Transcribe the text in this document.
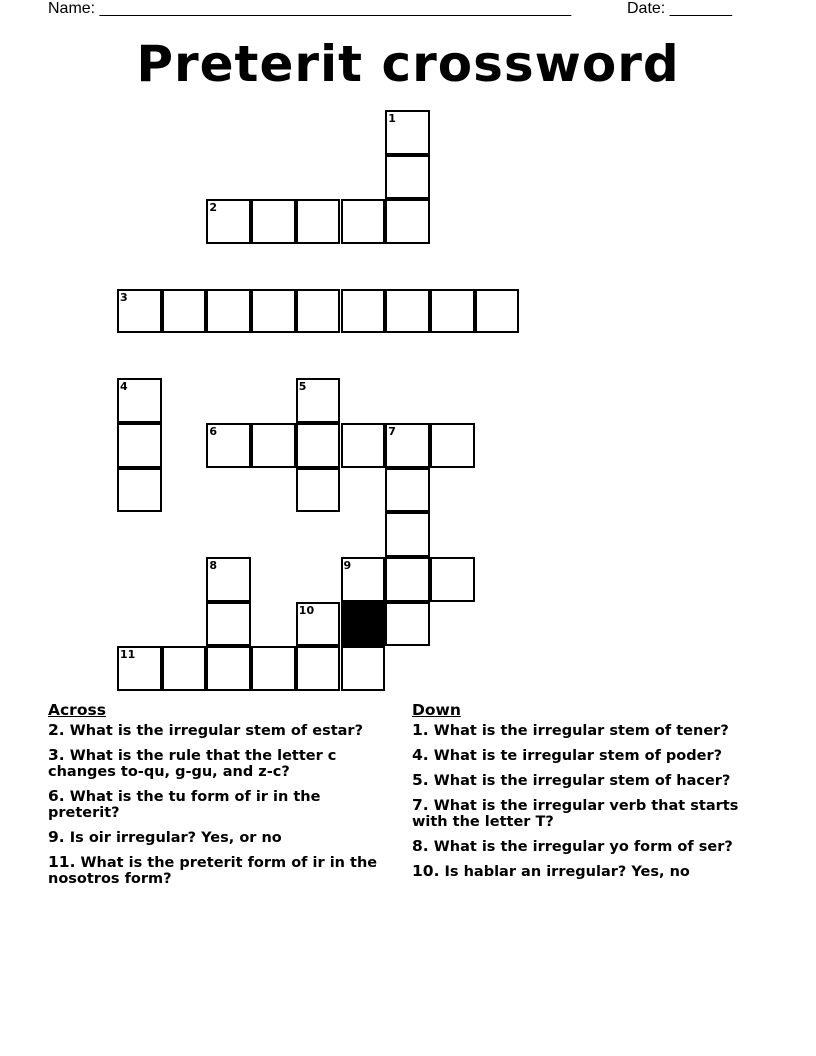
Name: _____________________________________________________	Date: _______
Preterit crossword
1
2
3
4	5
6	7
8	9
10
11
Across
2. What is the irregular stem of estar?
3. What is the rule that the letter c changes to-qu, g-gu, and z-c?
6. What is the tu form of ir in the preterit?
9. Is oir irregular? Yes, or no
11. What is the preterit form of ir in the nosotros form?
Down
1. What is the irregular stem of tener?
4. What is te irregular stem of poder?
5. What is the irregular stem of hacer?
7. What is the irregular verb that starts with the letter T?
8. What is the irregular yo form of ser?
10. Is hablar an irregular? Yes, no
